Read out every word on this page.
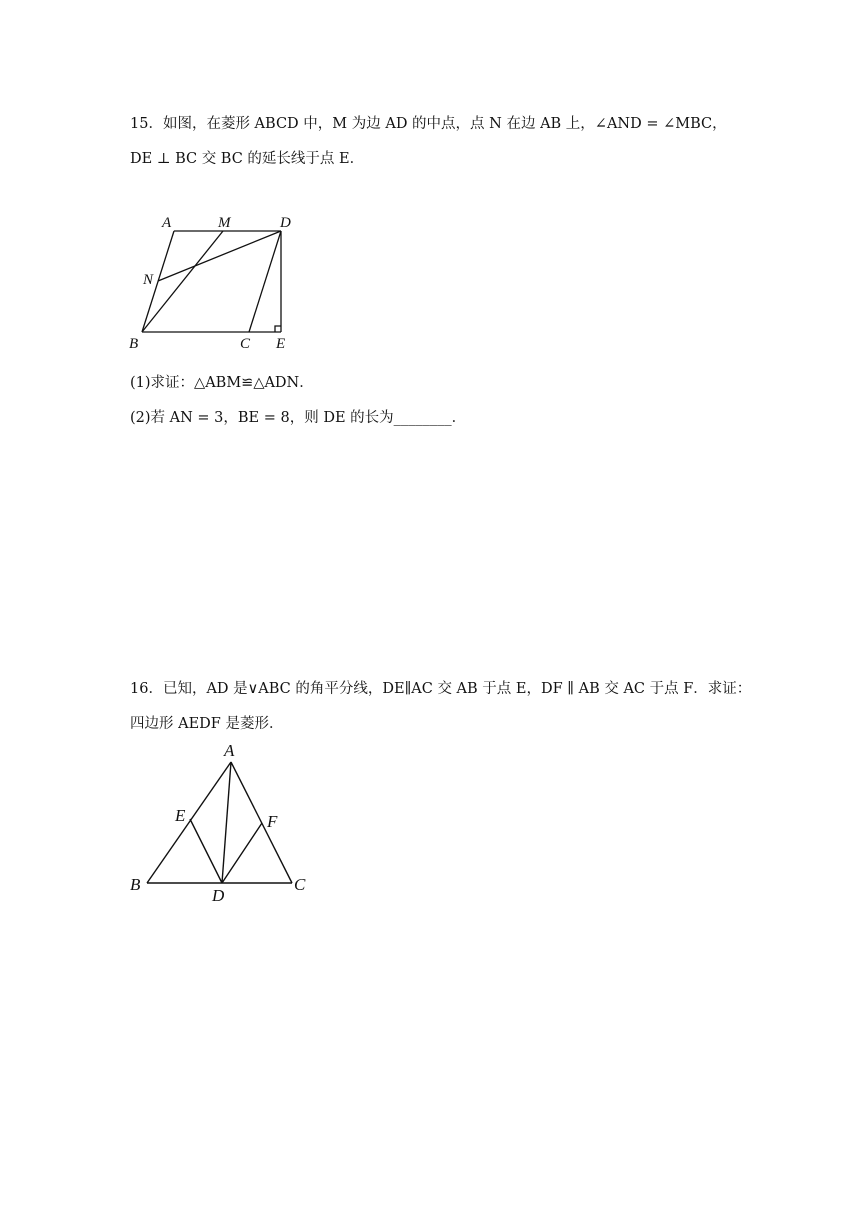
15．如图，在菱形 ABCD 中，M 为边 AD 的中点，点 N 在边 AB 上，∠AND = ∠MBC，
DE ⊥ BC 交 BC 的延长线于点 E．
A	M	D
N
B	C E
(1)求证：△ABM≌△ADN．
(2)若 AN = 3，BE = 8，则 DE 的长为________．
16．已知，AD 是∨ABC 的角平分线，DE∥AC 交 AB 于点 E，DF ∥ AB 交 AC 于点 F．求证：
四边形 AEDF 是菱形．
A
E	F
B
D
C
